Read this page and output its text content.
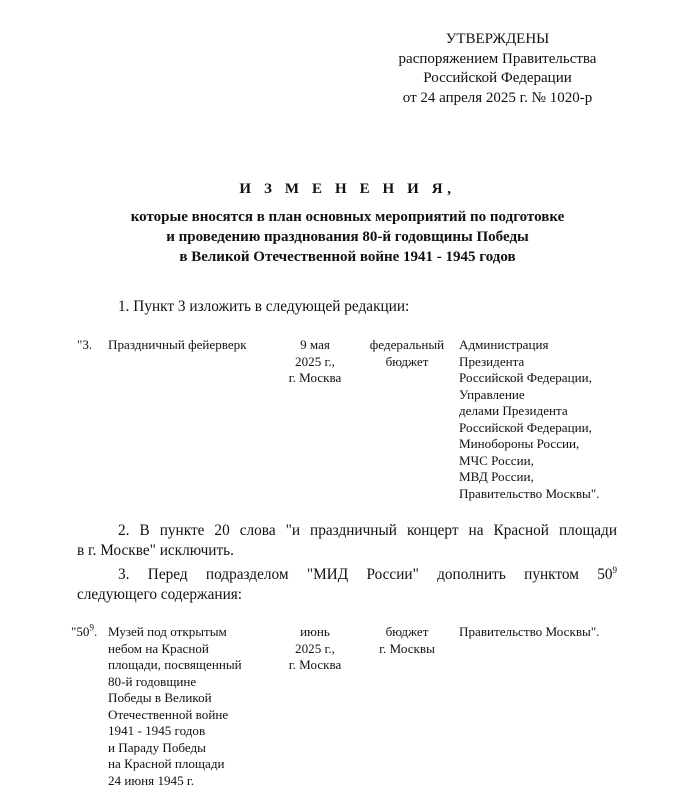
УТВЕРЖДЕНЫ
распоряжением Правительства
Российской Федерации
от 24 апреля 2025 г. № 1020-р
И З М Е Н Е Н И Я,
которые вносятся в план основных мероприятий по подготовке
и проведению празднования 80-й годовщины Победы
в Великой Отечественной войне 1941 - 1945 годов
1. Пункт 3 изложить в следующей редакции:
"3. Праздничный фейерверк	9 мая
2025 г.,
г. Москва
федеральный
бюджет
Администрация
Президента
Российской Федерации,
Управление
делами Президента
Российской Федерации,
Минобороны России,
МЧС России,
МВД России,
Правительство Москвы".
2. В пункте 20 слова "и праздничный концерт на Красной площади
в г. Москве" исключить.
3. Перед подразделом "МИД России" дополнить пунктом $50^9$
следующего содержания:
"$50^9$. Музей под открытым
небом на Красной
площади, посвященный
80-й годовщине
Победы в Великой
Отечественной войне
1941 - 1945 годов
и Параду Победы
на Красной площади
24 июня 1945 г.
июнь
2025 г.,
г. Москва
бюджет
г. Москвы
Правительство Москвы".
